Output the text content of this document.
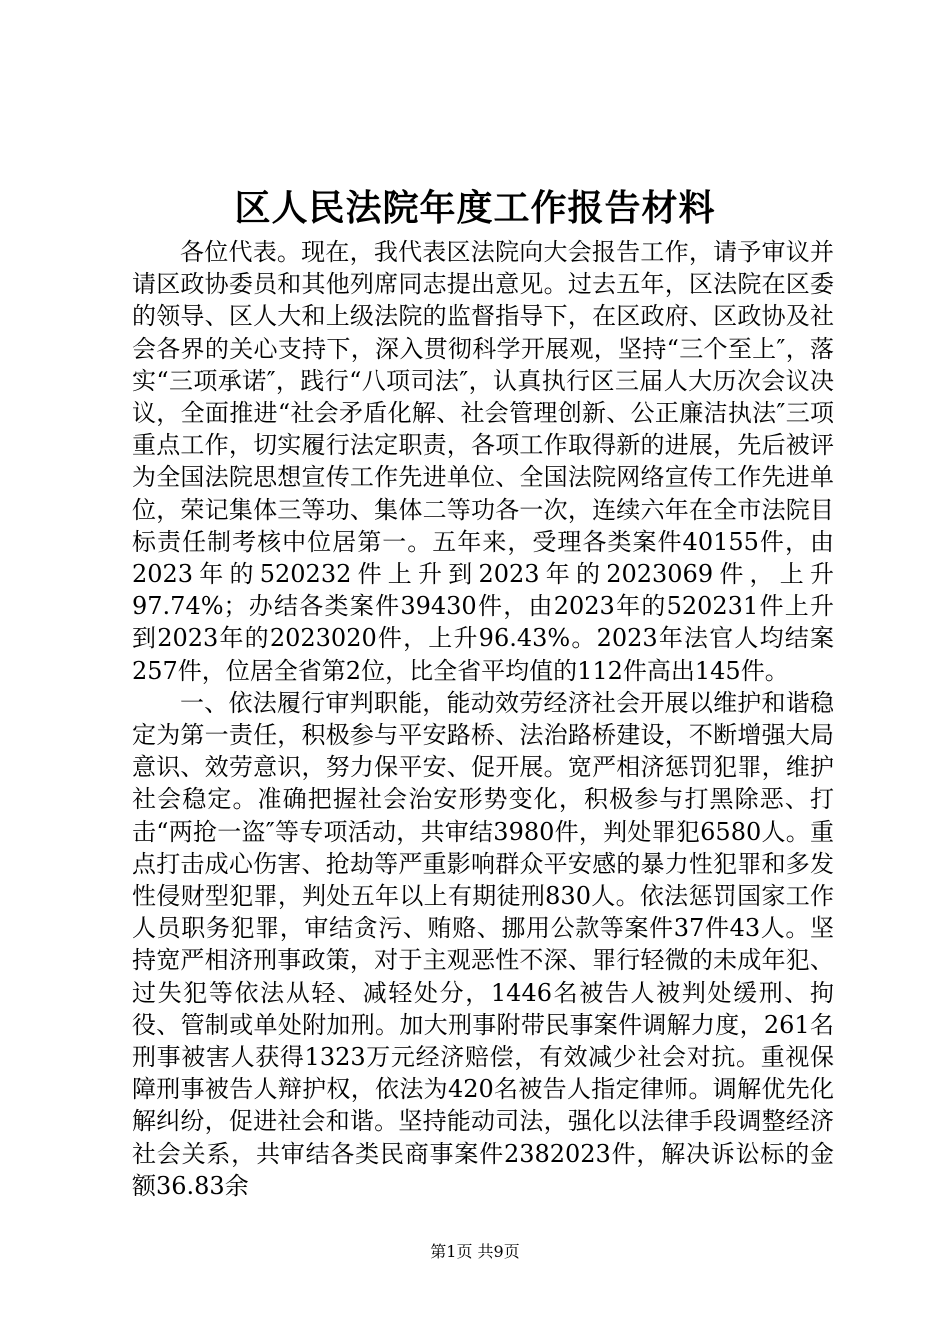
区人民法院年度工作报告材料

各位代表。现在，我代表区法院向大会报告工作，请予审议并请区政协委员和其他列席同志提出意见。过去五年，区法院在区委的领导、区人大和上级法院的监督指导下，在区政府、区政协及社会各界的关心支持下，深入贯彻科学开展观，坚持“三个至上″，落实“三项承诺″，践行“八项司法″，认真执行区三届人大历次会议决议，全面推进“社会矛盾化解、社会管理创新、公正廉洁执法″三项重点工作，切实履行法定职责，各项工作取得新的进展，先后被评为全国法院思想宣传工作先进单位、全国法院网络宣传工作先进单位，荣记集体三等功、集体二等功各一次，连续六年在全市法院目标责任制考核中位居第一。五年来，受理各类案件40155件，由2023年的520232件上升到2023年的2023069件，上升97.74%；办结各类案件39430件，由2023年的520231件上升到2023年的2023020件，上升96.43%。2023年法官人均结案257件，位居全省第2位，比全省平均值的112件高出145件。

一、依法履行审判职能，能动效劳经济社会开展以维护和谐稳定为第一责任，积极参与平安路桥、法治路桥建设，不断增强大局意识、效劳意识，努力保平安、促开展。宽严相济惩罚犯罪，维护社会稳定。准确把握社会治安形势变化，积极参与打黑除恶、打击“两抢一盗″等专项活动，共审结3980件，判处罪犯6580人。重点打击成心伤害、抢劫等严重影响群众平安感的暴力性犯罪和多发性侵财型犯罪，判处五年以上有期徒刑830人。依法惩罚国家工作人员职务犯罪，审结贪污、贿赂、挪用公款等案件37件43人。坚持宽严相济刑事政策，对于主观恶性不深、罪行轻微的未成年犯、过失犯等依法从轻、减轻处分，1446名被告人被判处缓刑、拘役、管制或单处附加刑。加大刑事附带民事案件调解力度，261名刑事被害人获得1323万元经济赔偿，有效减少社会对抗。重视保障刑事被告人辩护权，依法为420名被告人指定律师。调解优先化解纠纷，促进社会和谐。坚持能动司法，强化以法律手段调整经济社会关系，共审结各类民商事案件2382023件，解决诉讼标的金额36.83余

第1页 共9页
